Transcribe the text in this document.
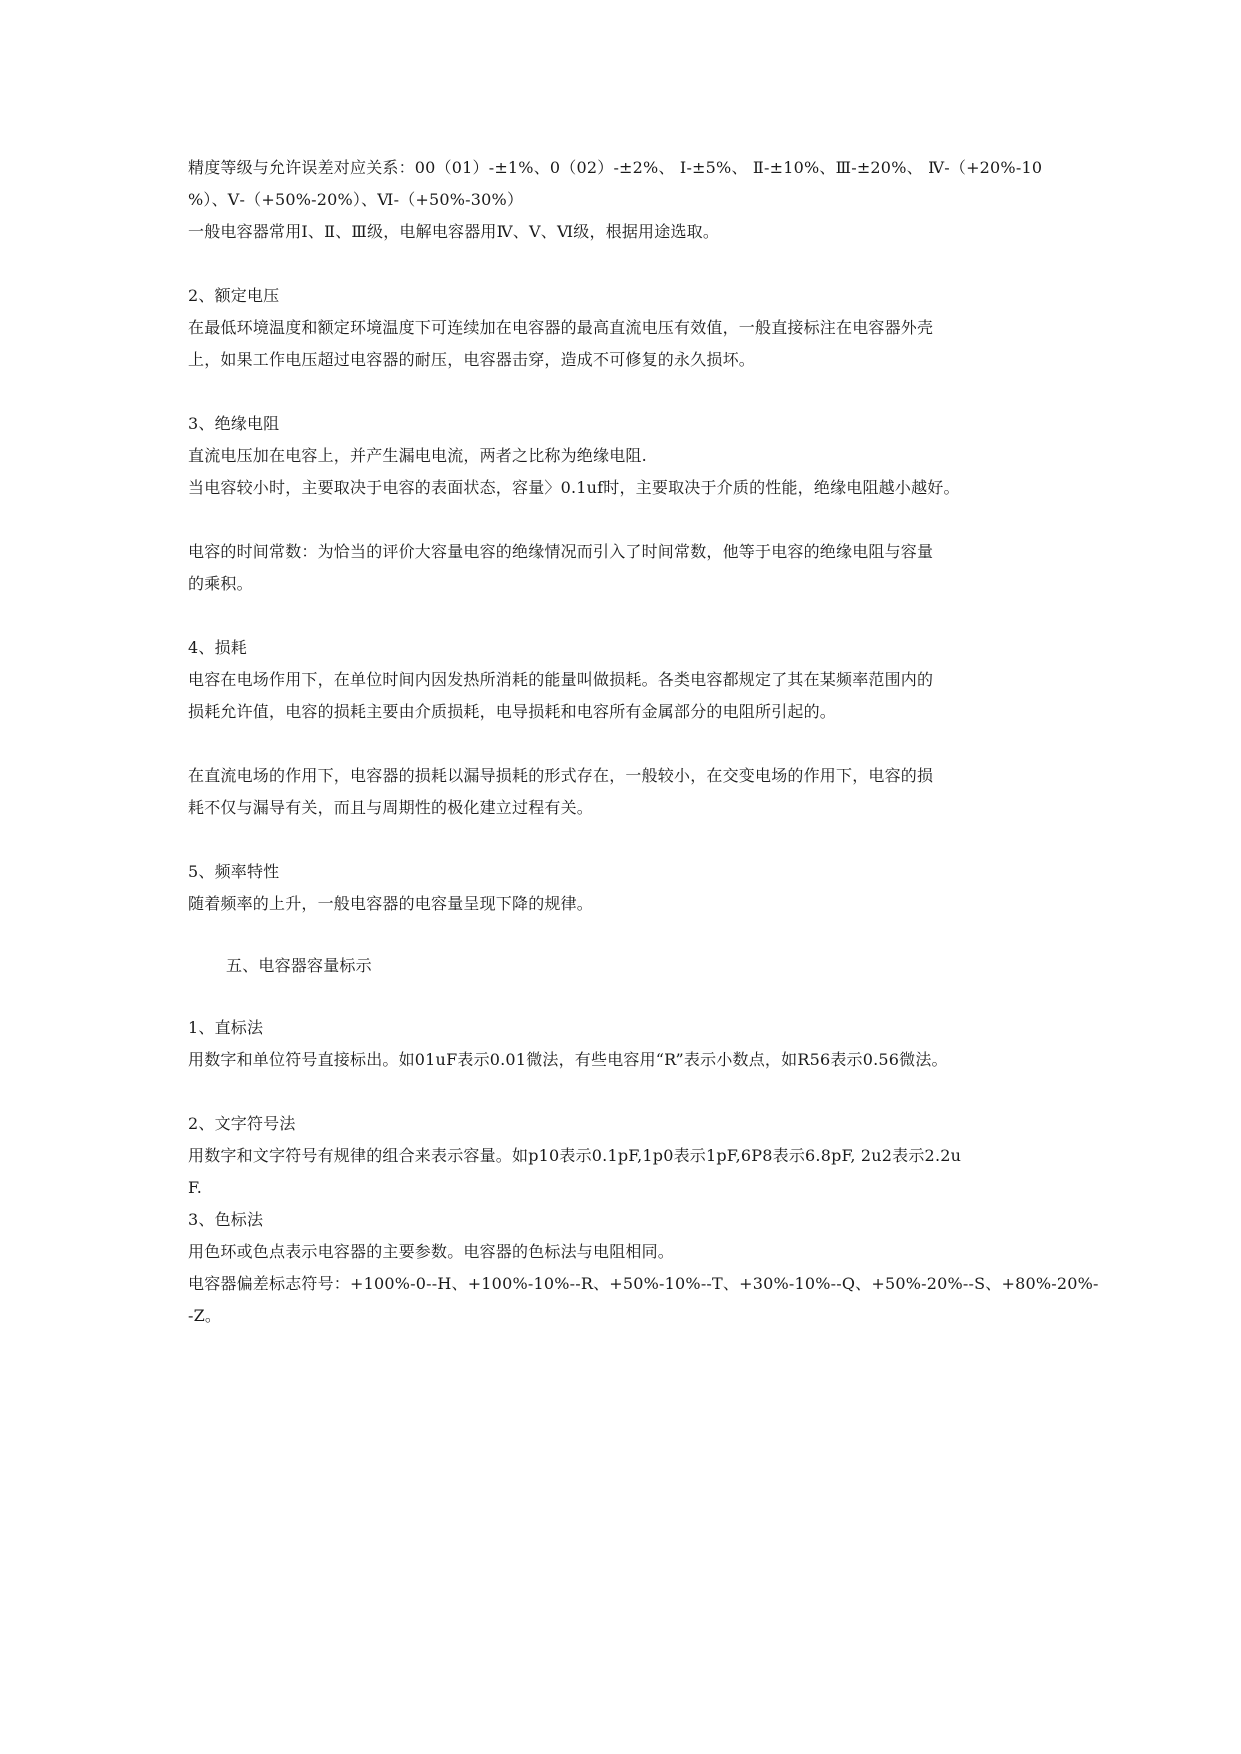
精度等级与允许误差对应关系：00（01）-±1%、0（02）-±2%、 Ⅰ-±5%、 Ⅱ-±10%、Ⅲ-±20%、 Ⅳ-（+20%-10
%）、Ⅴ-（+50%-20%）、Ⅵ-（+50%-30%）
一般电容器常用Ⅰ、Ⅱ、Ⅲ级，电解电容器用Ⅳ、Ⅴ、Ⅵ级，根据用途选取。
2、额定电压
在最低环境温度和额定环境温度下可连续加在电容器的最高直流电压有效值，一般直接标注在电容器外壳
上，如果工作电压超过电容器的耐压，电容器击穿，造成不可修复的永久损坏。
3、绝缘电阻
直流电压加在电容上，并产生漏电电流，两者之比称为绝缘电阻.
当电容较小时，主要取决于电容的表面状态，容量〉0.1uf时，主要取决于介质的性能，绝缘电阻越小越好。
电容的时间常数：为恰当的评价大容量电容的绝缘情况而引入了时间常数，他等于电容的绝缘电阻与容量
的乘积。
4、损耗
电容在电场作用下，在单位时间内因发热所消耗的能量叫做损耗。各类电容都规定了其在某频率范围内的
损耗允许值，电容的损耗主要由介质损耗，电导损耗和电容所有金属部分的电阻所引起的。
在直流电场的作用下，电容器的损耗以漏导损耗的形式存在，一般较小，在交变电场的作用下，电容的损
耗不仅与漏导有关，而且与周期性的极化建立过程有关。
5、频率特性
随着频率的上升，一般电容器的电容量呈现下降的规律。
五、电容器容量标示
1、直标法
用数字和单位符号直接标出。如01uF表示0.01微法，有些电容用“R”表示小数点，如R56表示0.56微法。
2、文字符号法
用数字和文字符号有规律的组合来表示容量。如p10表示0.1pF,1p0表示1pF,6P8表示6.8pF, 2u2表示2.2u
F.
3、色标法
用色环或色点表示电容器的主要参数。电容器的色标法与电阻相同。
电容器偏差标志符号：+100%-0--H、+100%-10%--R、+50%-10%--T、+30%-10%--Q、+50%-20%--S、+80%-20%-
-Z。
